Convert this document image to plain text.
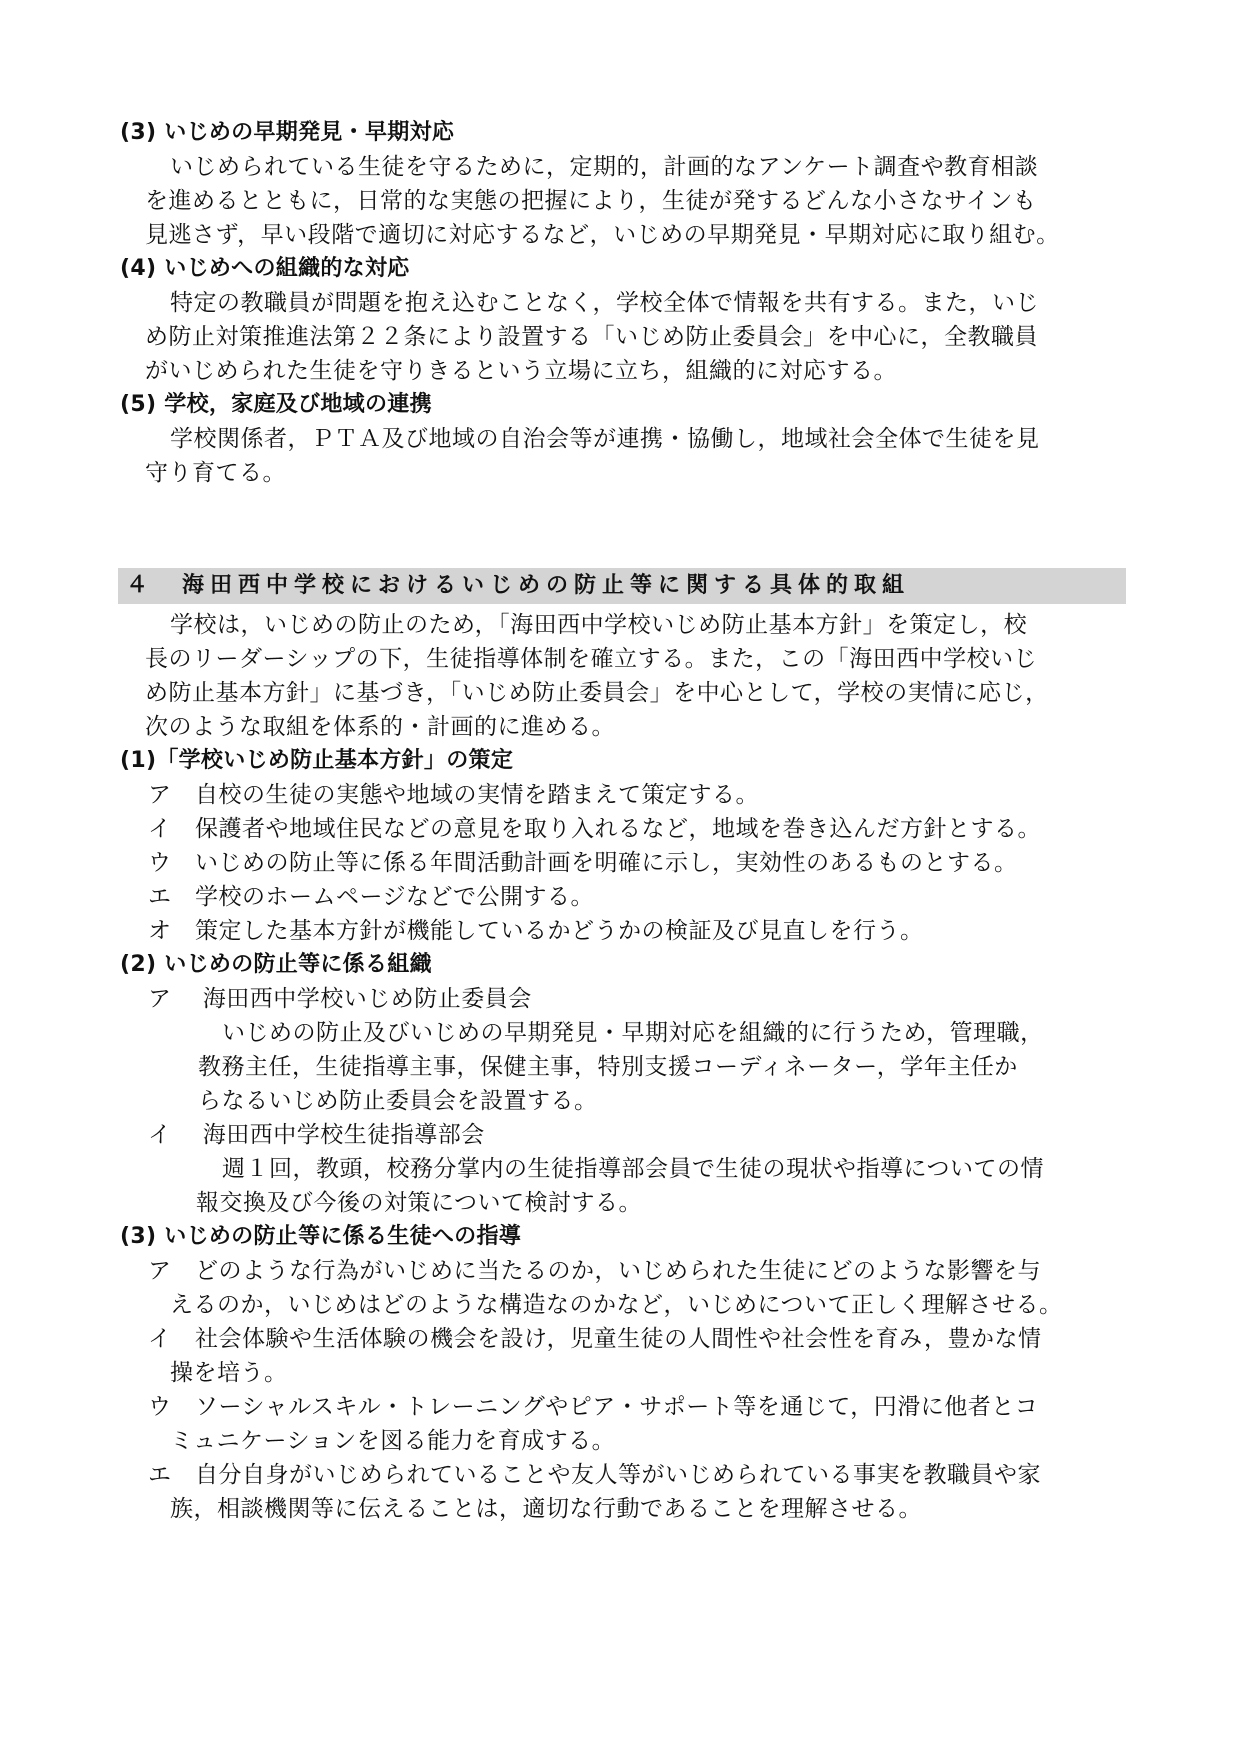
(3) いじめの早期発見・早期対応

いじめられている生徒を守るために，定期的，計画的なアンケート調査や教育相談

を進めるとともに，日常的な実態の把握により，生徒が発するどんな小さなサインも

見逃さず，早い段階で適切に対応するなど，いじめの早期発見・早期対応に取り組む。

(4) いじめへの組織的な対応

特定の教職員が問題を抱え込むことなく，学校全体で情報を共有する。また，いじ

め防止対策推進法第２２条により設置する「いじめ防止委員会」を中心に，全教職員

がいじめられた生徒を守りきるという立場に立ち，組織的に対応する。

(5) 学校，家庭及び地域の連携

学校関係者，ＰＴＡ及び地域の自治会等が連携・協働し，地域社会全体で生徒を見

守り育てる。

４　海田西中学校におけるいじめの防止等に関する具体的取組

学校は，いじめの防止のため，「海田西中学校いじめ防止基本方針」を策定し，校

長のリーダーシップの下，生徒指導体制を確立する。また，この「海田西中学校いじ

め防止基本方針」に基づき，「いじめ防止委員会」を中心として，学校の実情に応じ，

次のような取組を体系的・計画的に進める。

(1)「学校いじめ防止基本方針」の策定

ア　自校の生徒の実態や地域の実情を踏まえて策定する。

イ　保護者や地域住民などの意見を取り入れるなど，地域を巻き込んだ方針とする。

ウ　いじめの防止等に係る年間活動計画を明確に示し，実効性のあるものとする。

エ　学校のホームページなどで公開する。

オ　策定した基本方針が機能しているかどうかの検証及び見直しを行う。

(2) いじめの防止等に係る組織

ア　 海田西中学校いじめ防止委員会

いじめの防止及びいじめの早期発見・早期対応を組織的に行うため，管理職，

教務主任，生徒指導主事，保健主事，特別支援コーディネーター，学年主任か

らなるいじめ防止委員会を設置する。

イ　 海田西中学校生徒指導部会

週１回，教頭，校務分掌内の生徒指導部会員で生徒の現状や指導についての情

報交換及び今後の対策について検討する。

(3) いじめの防止等に係る生徒への指導

ア　どのような行為がいじめに当たるのか，いじめられた生徒にどのような影響を与

えるのか，いじめはどのような構造なのかなど，いじめについて正しく理解させる。

イ　社会体験や生活体験の機会を設け，児童生徒の人間性や社会性を育み，豊かな情

操を培う。

ウ　ソーシャルスキル・トレーニングやピア・サポート等を通じて，円滑に他者とコ

ミュニケーションを図る能力を育成する。

エ　自分自身がいじめられていることや友人等がいじめられている事実を教職員や家

族，相談機関等に伝えることは，適切な行動であることを理解させる。
